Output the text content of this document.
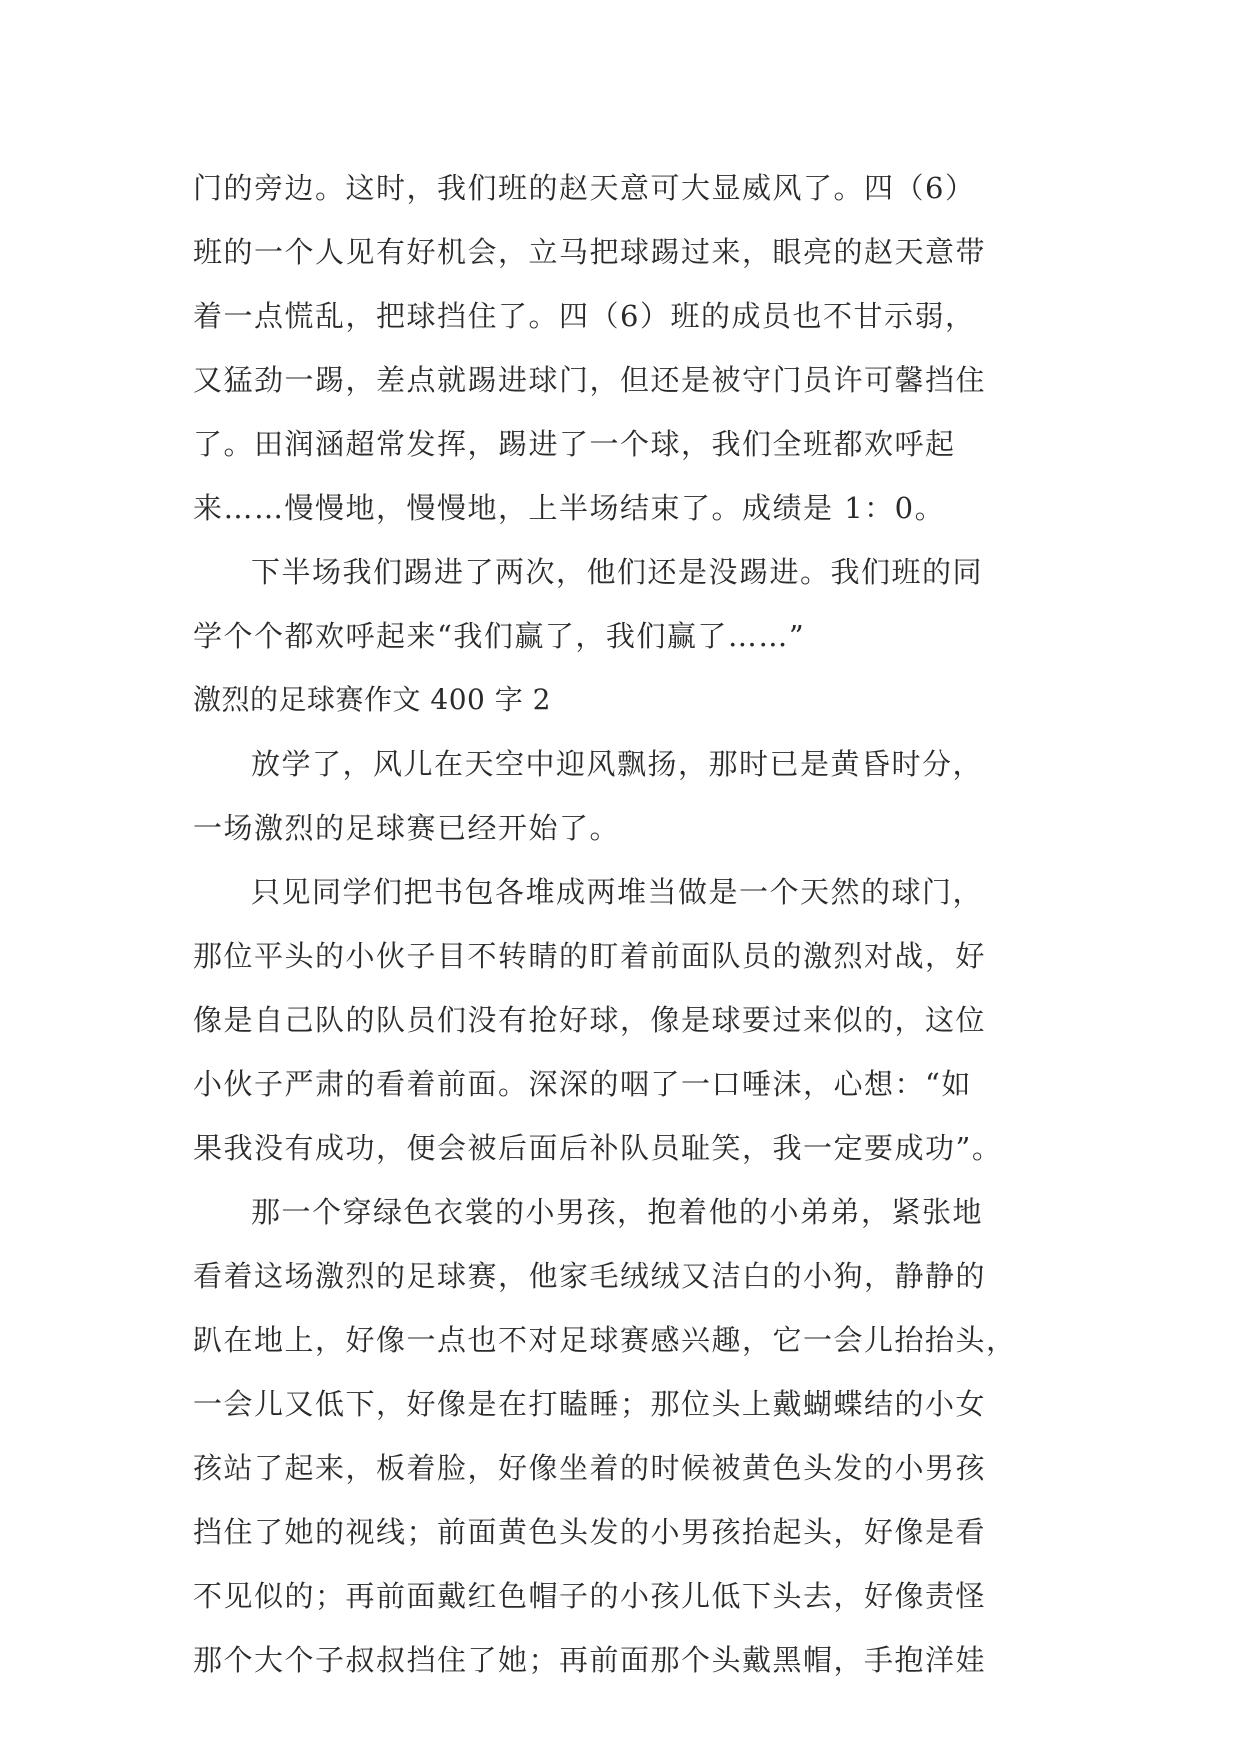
门的旁边。这时，我们班的赵天意可大显威风了。四（6）
班的一个人见有好机会，立马把球踢过来，眼亮的赵天意带
着一点慌乱，把球挡住了。四（6）班的成员也不甘示弱，
又猛劲一踢，差点就踢进球门，但还是被守门员许可馨挡住
了。田润涵超常发挥，踢进了一个球，我们全班都欢呼起
来……慢慢地，慢慢地，上半场结束了。成绩是 1：0。
下半场我们踢进了两次，他们还是没踢进。我们班的同
学个个都欢呼起来“我们赢了，我们赢了……”
激烈的足球赛作文 400 字 2
放学了，风儿在天空中迎风飘扬，那时已是黄昏时分，
一场激烈的足球赛已经开始了。
只见同学们把书包各堆成两堆当做是一个天然的球门，
那位平头的小伙子目不转睛的盯着前面队员的激烈对战，好
像是自己队的队员们没有抢好球，像是球要过来似的，这位
小伙子严肃的看着前面。深深的咽了一口唾沫，心想：“如
果我没有成功，便会被后面后补队员耻笑，我一定要成功”。
那一个穿绿色衣裳的小男孩，抱着他的小弟弟，紧张地
看着这场激烈的足球赛，他家毛绒绒又洁白的小狗，静静的
趴在地上，好像一点也不对足球赛感兴趣，它一会儿抬抬头，
一会儿又低下，好像是在打瞌睡；那位头上戴蝴蝶结的小女
孩站了起来，板着脸，好像坐着的时候被黄色头发的小男孩
挡住了她的视线；前面黄色头发的小男孩抬起头，好像是看
不见似的；再前面戴红色帽子的小孩儿低下头去，好像责怪
那个大个子叔叔挡住了她；再前面那个头戴黑帽，手抱洋娃
